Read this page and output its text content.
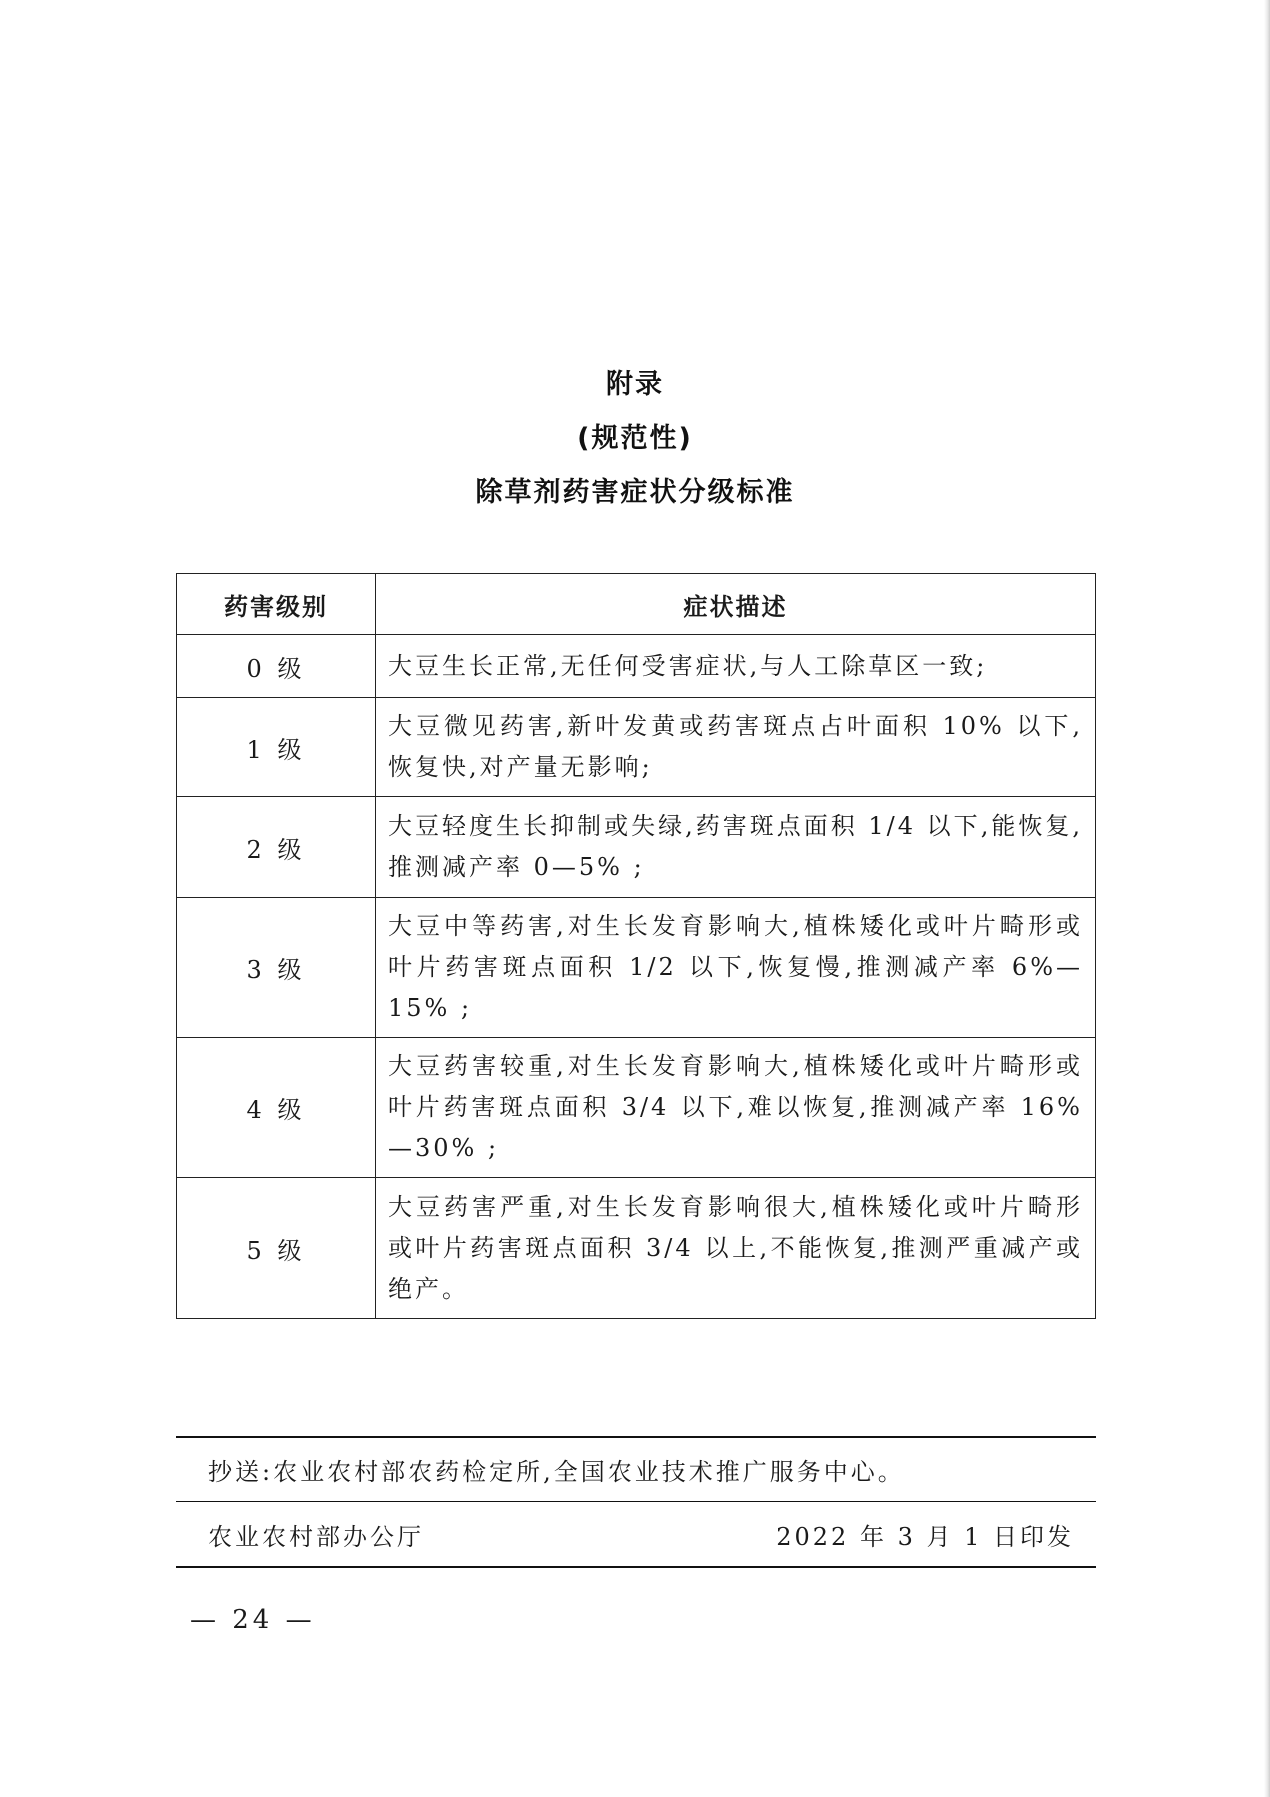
附录
(规范性)
除草剂药害症状分级标准
药害级别	症状描述
0 级	大豆生长正常,无任何受害症状,与人工除草区一致;
1 级	大豆微见药害,新叶发黄或药害斑点占叶面积 10% 以下,恢复快,对产量无影响;
2 级	大豆轻度生长抑制或失绿,药害斑点面积 1/4 以下,能恢复,推测减产率 0—5% ;
3 级	大豆中等药害,对生长发育影响大,植株矮化或叶片畸形或叶片药害斑点面积 1/2 以下,恢复慢,推测减产率 6%—15% ;
4 级	大豆药害较重,对生长发育影响大,植株矮化或叶片畸形或叶片药害斑点面积 3/4 以下,难以恢复,推测减产率 16%—30% ;
5 级	大豆药害严重,对生长发育影响很大,植株矮化或叶片畸形或叶片药害斑点面积 3/4 以上,不能恢复,推测严重减产或绝产。
抄送:农业农村部农药检定所,全国农业技术推广服务中心。
农业农村部办公厅	2022 年 3 月 1 日印发
— 24 —
